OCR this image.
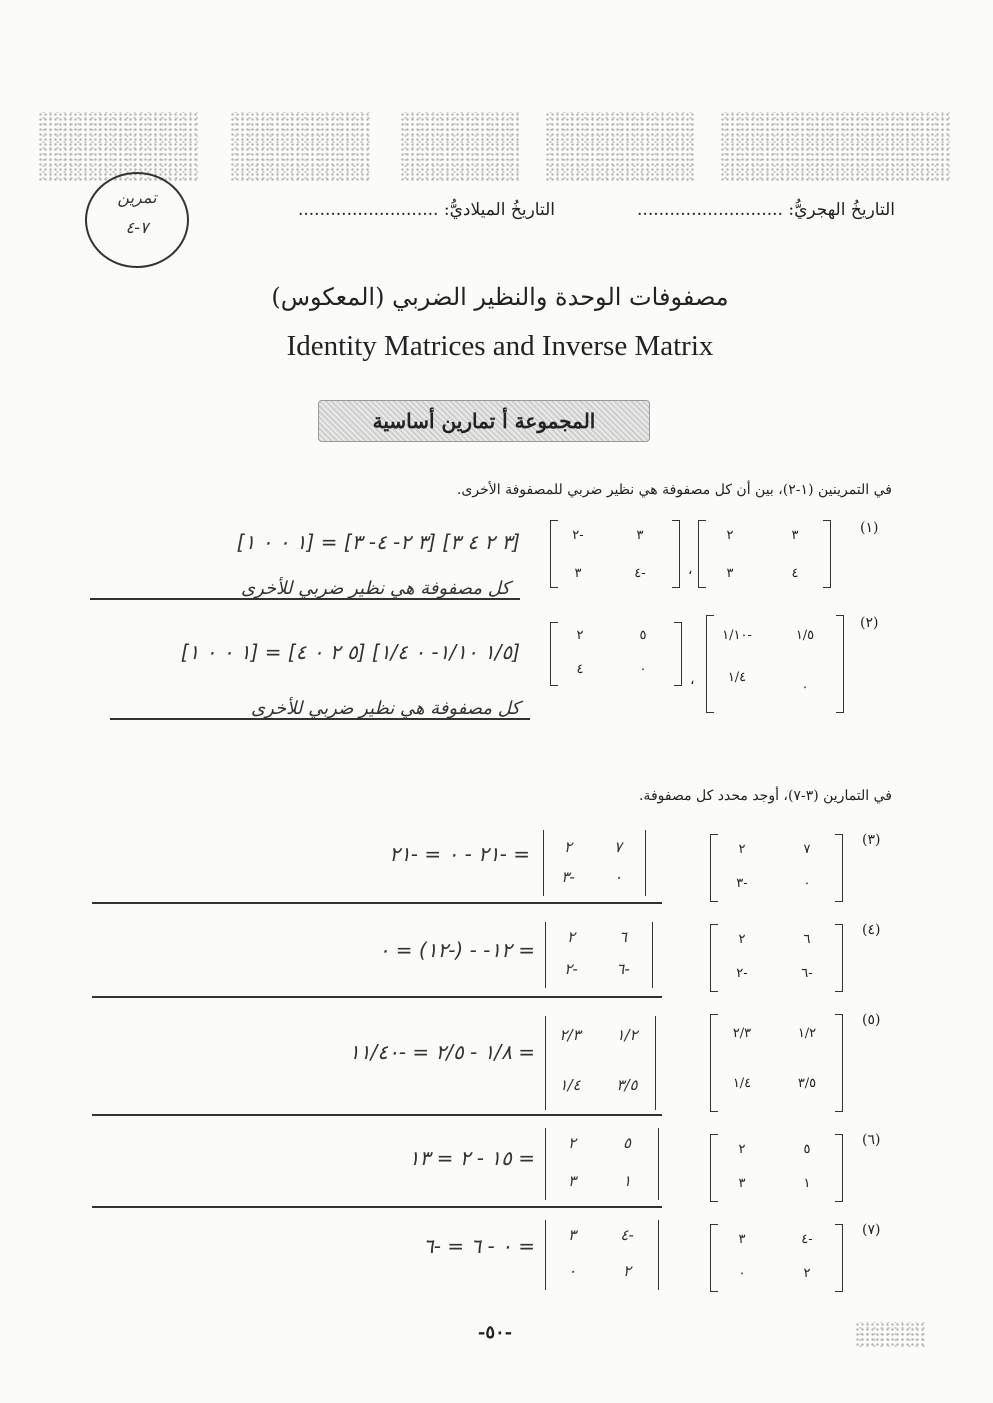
التاريخُ الهجريُّ: ...........................
التاريخُ الميلاديُّ: ..........................
تمرين
٧-٤
مصفوفات الوحدة والنظير الضربي (المعكوس)
Identity Matrices and Inverse Matrix
المجموعة أ تمارين أساسية
في التمرينين (١-٢)، بين أن كل مصفوفة هي نظير ضربي للمصفوفة الأخرى.
(١)
٣
٢
٤
٣
،
٣
٢-
٤-
٣
[٣ ٢ ٤ ٣] [٣ ٢- ٤- ٣] = [١ ٠ ٠ ١]
كل مصفوفة هي نظير ضربي للأخرى
(٢)
١/٥
١/١٠-
٠
١/٤
،
٥
٢
٠
٤
[١/٥ ١/١٠- ٠ ١/٤] [٥ ٢ ٠ ٤] = [١ ٠ ٠ ١]
كل مصفوفة هي نظير ضربي للأخرى
في التمارين (٣-٧)، أوجد محدد كل مصفوفة.
(٣)
٧
٢
٠
٣-
٧
٢
٠
٣-
= -٢١ - ٠ = -٢١
(٤)
٦
٢
٦-
٢-
٦
٢
٦-
٢-
= ١٢- - (-١٢) = ٠
(٥)
١/٢
٢/٣
٣/٥
١/٤
١/٢
٢/٣
٣/٥
١/٤
= ١/٨ - ٢/٥ = -١١/٤٠
(٦)
٥
٢
١
٣
٥
٢
١
٣
= ١٥ - ٢ = ١٣
(٧)
٤-
٣
٢
٠
٤-
٣
٢
٠
= ٠ - ٦ = -٦
-٥٠-
